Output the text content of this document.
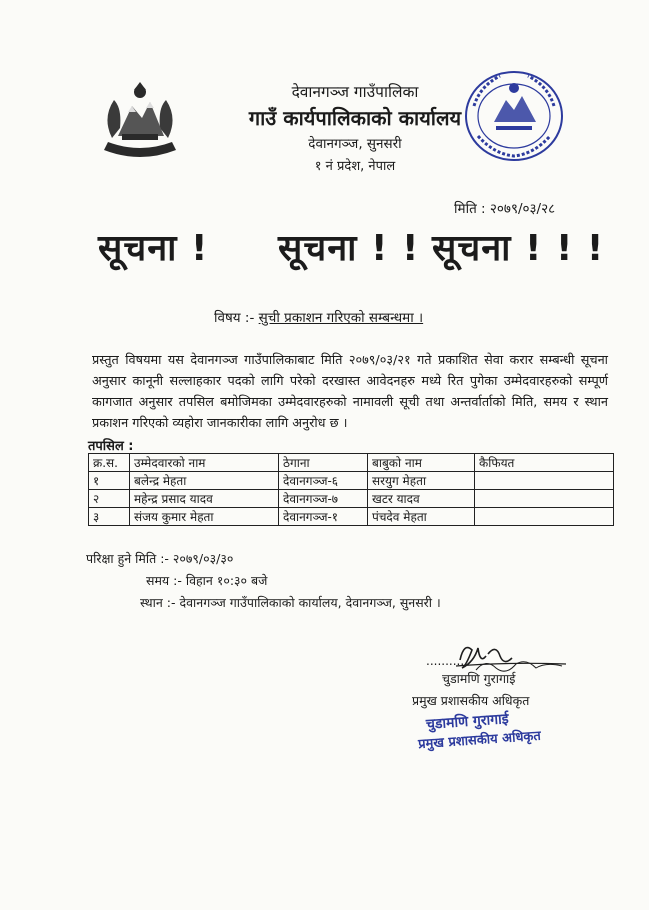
देवानगञ्ज गाउँपालिका
गाउँ कार्यपालिकाको कार्यालय
देवानगञ्ज, सुनसरी
१ नं प्रदेश, नेपाल
मिति : २०७९/०३/२८
सूचना ! सूचना ! ! सूचना ! ! !
विषय :- सुची प्रकाशन गरिएको सम्बन्धमा ।
प्रस्तुत विषयमा यस देवानगञ्ज गाउँपालिकाबाट मिति २०७९/०३/२१ गते प्रकाशित सेवा करार सम्बन्धी सूचना अनुसार कानूनी सल्लाहकार पदको लागि परेको दरखास्त आवेदनहरु मध्ये रित पुगेका उम्मेदवारहरुको सम्पूर्ण कागजात अनुसार तपसिल बमोजिमका उम्मेदवारहरुको नामावली सूची तथा अन्तर्वार्ताको मिति, समय र स्थान प्रकाशन गरिएको व्यहोरा जानकारीका लागि अनुरोध छ ।
तपसिल :
क्र.स.	उम्मेदवारको नाम	ठेगाना	बाबुको नाम	कैफियत
१	बलेन्द्र मेहता	देवानगञ्ज-६	सरयुग मेहता	
२	महेन्द्र प्रसाद यादव	देवानगञ्ज-७	खटर यादव	
३	संजय कुमार मेहता	देवानगञ्ज-१	पंचदेव मेहता	
परिक्षा हुने मिति :- २०७९/०३/३०
समय :- विहान १०:३० बजे
स्थान :- देवानगञ्ज गाउँपालिकाको कार्यालय, देवानगञ्ज, सुनसरी ।
..........
चुडामणि गुरागाई
प्रमुख प्रशासकीय अधिकृत
चुडामणि गुरागाई
प्रमुख प्रशासकीय अधिकृत
